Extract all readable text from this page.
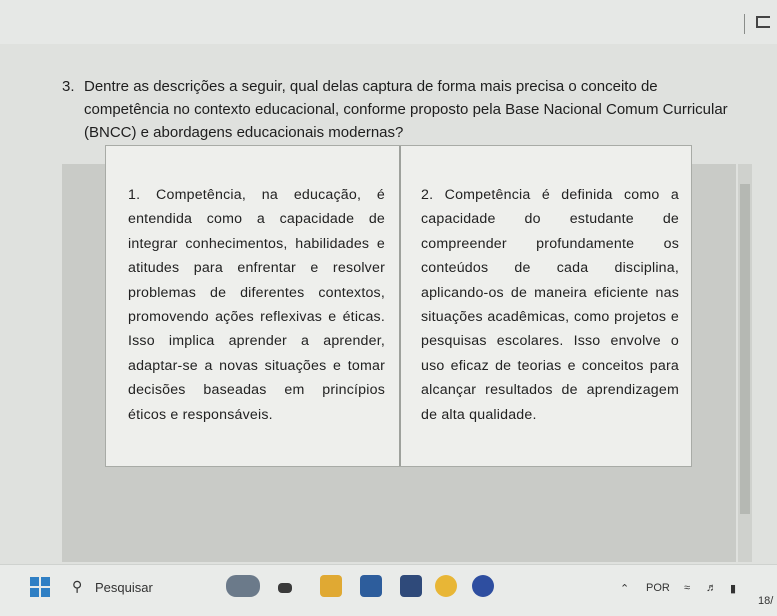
3. Dentre as descrições a seguir, qual delas captura de forma mais precisa o conceito de competência no contexto educacional, conforme proposto pela Base Nacional Comum Curricular (BNCC) e abordagens educacionais modernas?
1. Competência, na educação, é entendida como a capacidade de integrar conhecimentos, habilidades e atitudes para enfrentar e resolver problemas de diferentes contextos, promovendo ações reflexivas e éticas. Isso implica aprender a aprender, adaptar-se a novas situações e tomar decisões baseadas em princípios éticos e responsáveis.
2. Competência é definida como a capacidade do estudante de compreender profundamente os conteúdos de cada disciplina, aplicando-os de maneira eficiente nas situações acadêmicas, como projetos e pesquisas escolares. Isso envolve o uso eficaz de teorias e conceitos para alcançar resultados de aprendizagem de alta qualidade.
⚲ Pesquisar	⌃ POR ≈ ♬ ▮
18/
